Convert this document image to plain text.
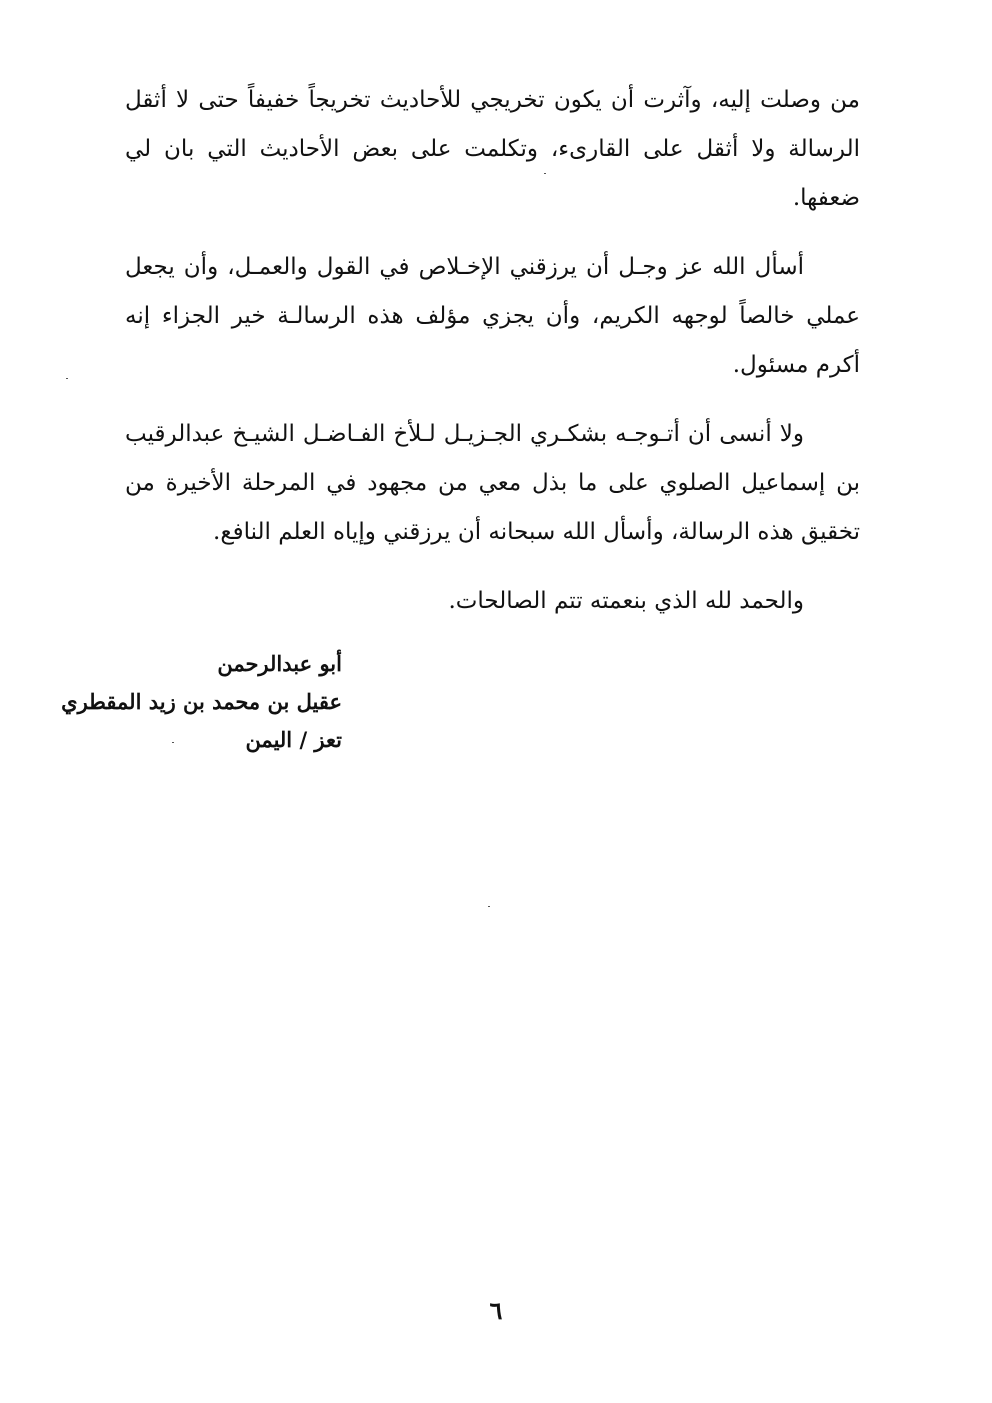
من وصلت إليه، وآثرت أن يكون تخريجي للأحاديث تخريجاً خفيفاً حتى لا أثقل الرسالة ولا أثقل على القارىء، وتكلمت على بعض الأحاديث التي بان لي ضعفها.

أسأل الله عز وجـل أن يرزقني الإخـلاص في القول والعمـل، وأن يجعل عملي خالصاً لوجهه الكريم، وأن يجزي مؤلف هذه الرسالـة خير الجزاء إنه أكرم مسئول.

ولا أنسى أن أتـوجـه بشكـري الجـزيـل لـلأخ الفـاضـل الشيـخ عبدالرقيب بن إسماعيل الصلوي على ما بذل معي من مجهود في المرحلة الأخيرة من تخقيق هذه الرسالة، وأسأل الله سبحانه أن يرزقني وإياه العلم النافع.

والحمد لله الذي بنعمته تتم الصالحات.

أبو عبدالرحمن
عقيل بن محمد بن زيد المقطري
تعز / اليمن
٦
